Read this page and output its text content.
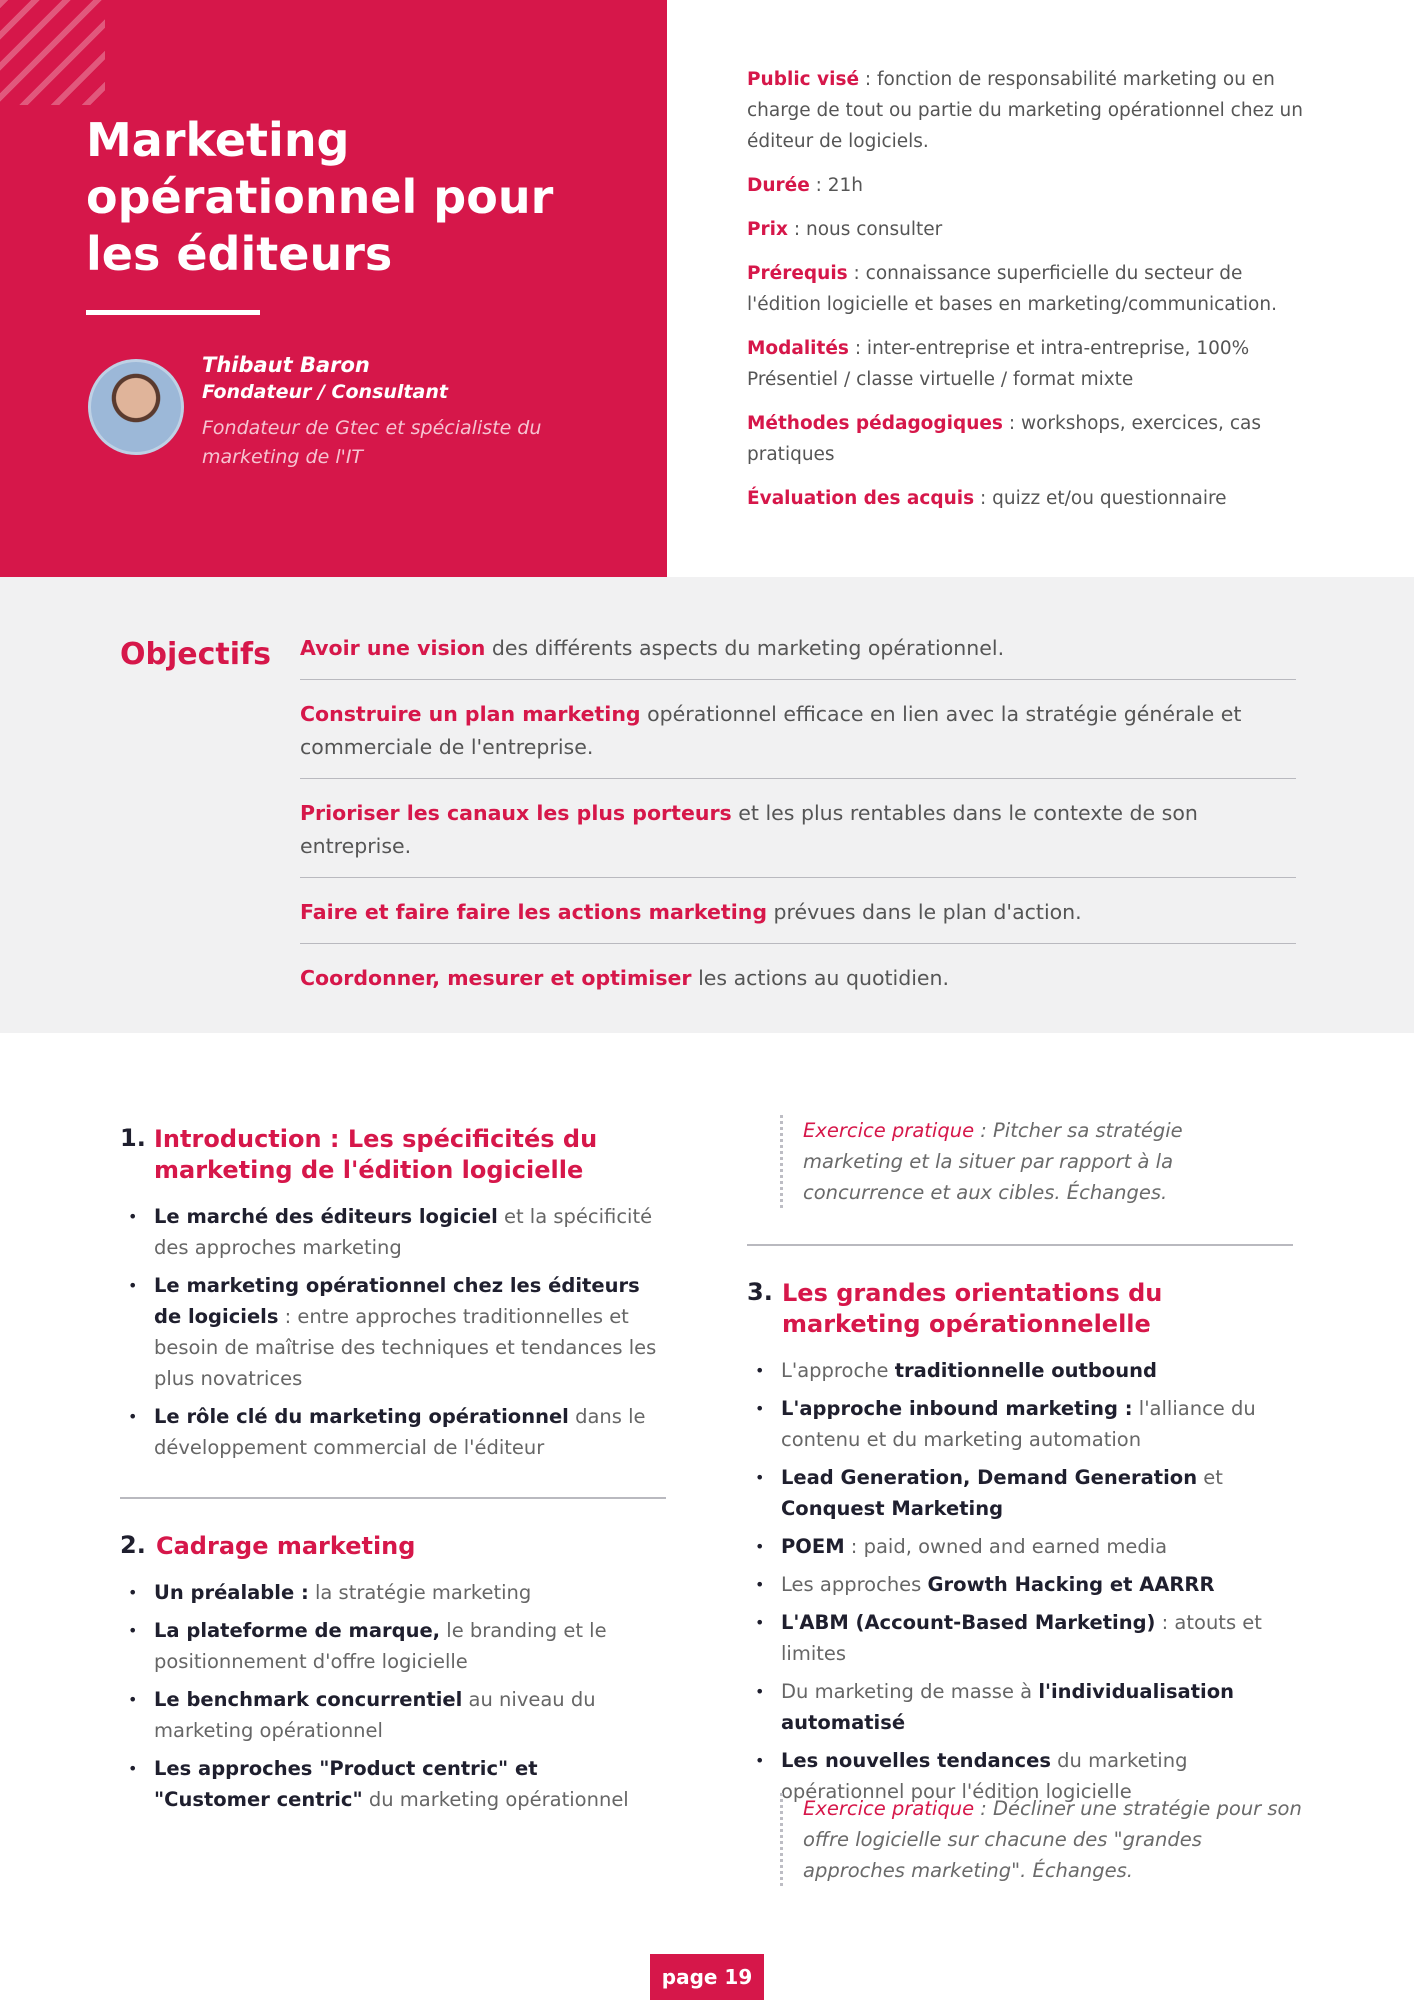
Marketing opérationnel pour les éditeurs
Thibaut Baron
Fondateur / Consultant
Fondateur de Gtec et spécialiste du marketing de l'IT

Public visé : fonction de responsabilité marketing ou en charge de tout ou partie du marketing opérationnel chez un éditeur de logiciels.

Durée : 21h

Prix : nous consulter

Prérequis : connaissance superficielle du secteur de l'édition logicielle et bases en marketing/communication.

Modalités : inter-entreprise et intra-entreprise, 100% Présentiel / classe virtuelle / format mixte

Méthodes pédagogiques : workshops, exercices, cas pratiques

Évaluation des acquis : quizz et/ou questionnaire

Objectifs Avoir une vision des différents aspects du marketing opérationnel.
Construire un plan marketing opérationnel efficace en lien avec la stratégie générale et commerciale de l'entreprise.
Prioriser les canaux les plus porteurs et les plus rentables dans le contexte de son entreprise.
Faire et faire faire les actions marketing prévues dans le plan d'action.
Coordonner, mesurer et optimiser les actions au quotidien.
1. Introduction : Les spécificités du marketing de l'édition logicielle
• Le marché des éditeurs logiciel et la spécificité des approches marketing
• Le marketing opérationnel chez les éditeurs de logiciels : entre approches traditionnelles et besoin de maîtrise des techniques et tendances les plus novatrices
• Le rôle clé du marketing opérationnel dans le développement commercial de l'éditeur
2. Cadrage marketing
• Un préalable : la stratégie marketing
• La plateforme de marque, le branding et le positionnement d'offre logicielle
• Le benchmark concurrentiel au niveau du marketing opérationnel
• Les approches "Product centric" et "Customer centric" du marketing opérationnel
Exercice pratique : Pitcher sa stratégie marketing et la situer par rapport à la concurrence et aux cibles. Échanges.
3. Les grandes orientations du marketing opérationnelelle
• L'approche traditionnelle outbound
• L'approche inbound marketing : l'alliance du contenu et du marketing automation
• Lead Generation, Demand Generation et Conquest Marketing
• POEM : paid, owned and earned media
• Les approches Growth Hacking et AARRR
• L'ABM (Account-Based Marketing) : atouts et limites
• Du marketing de masse à l'individualisation automatisé
• Les nouvelles tendances du marketing opérationnel pour l'édition logicielle
Exercice pratique : Décliner une stratégie pour son offre logicielle sur chacune des "grandes approches marketing". Échanges.
page 19
